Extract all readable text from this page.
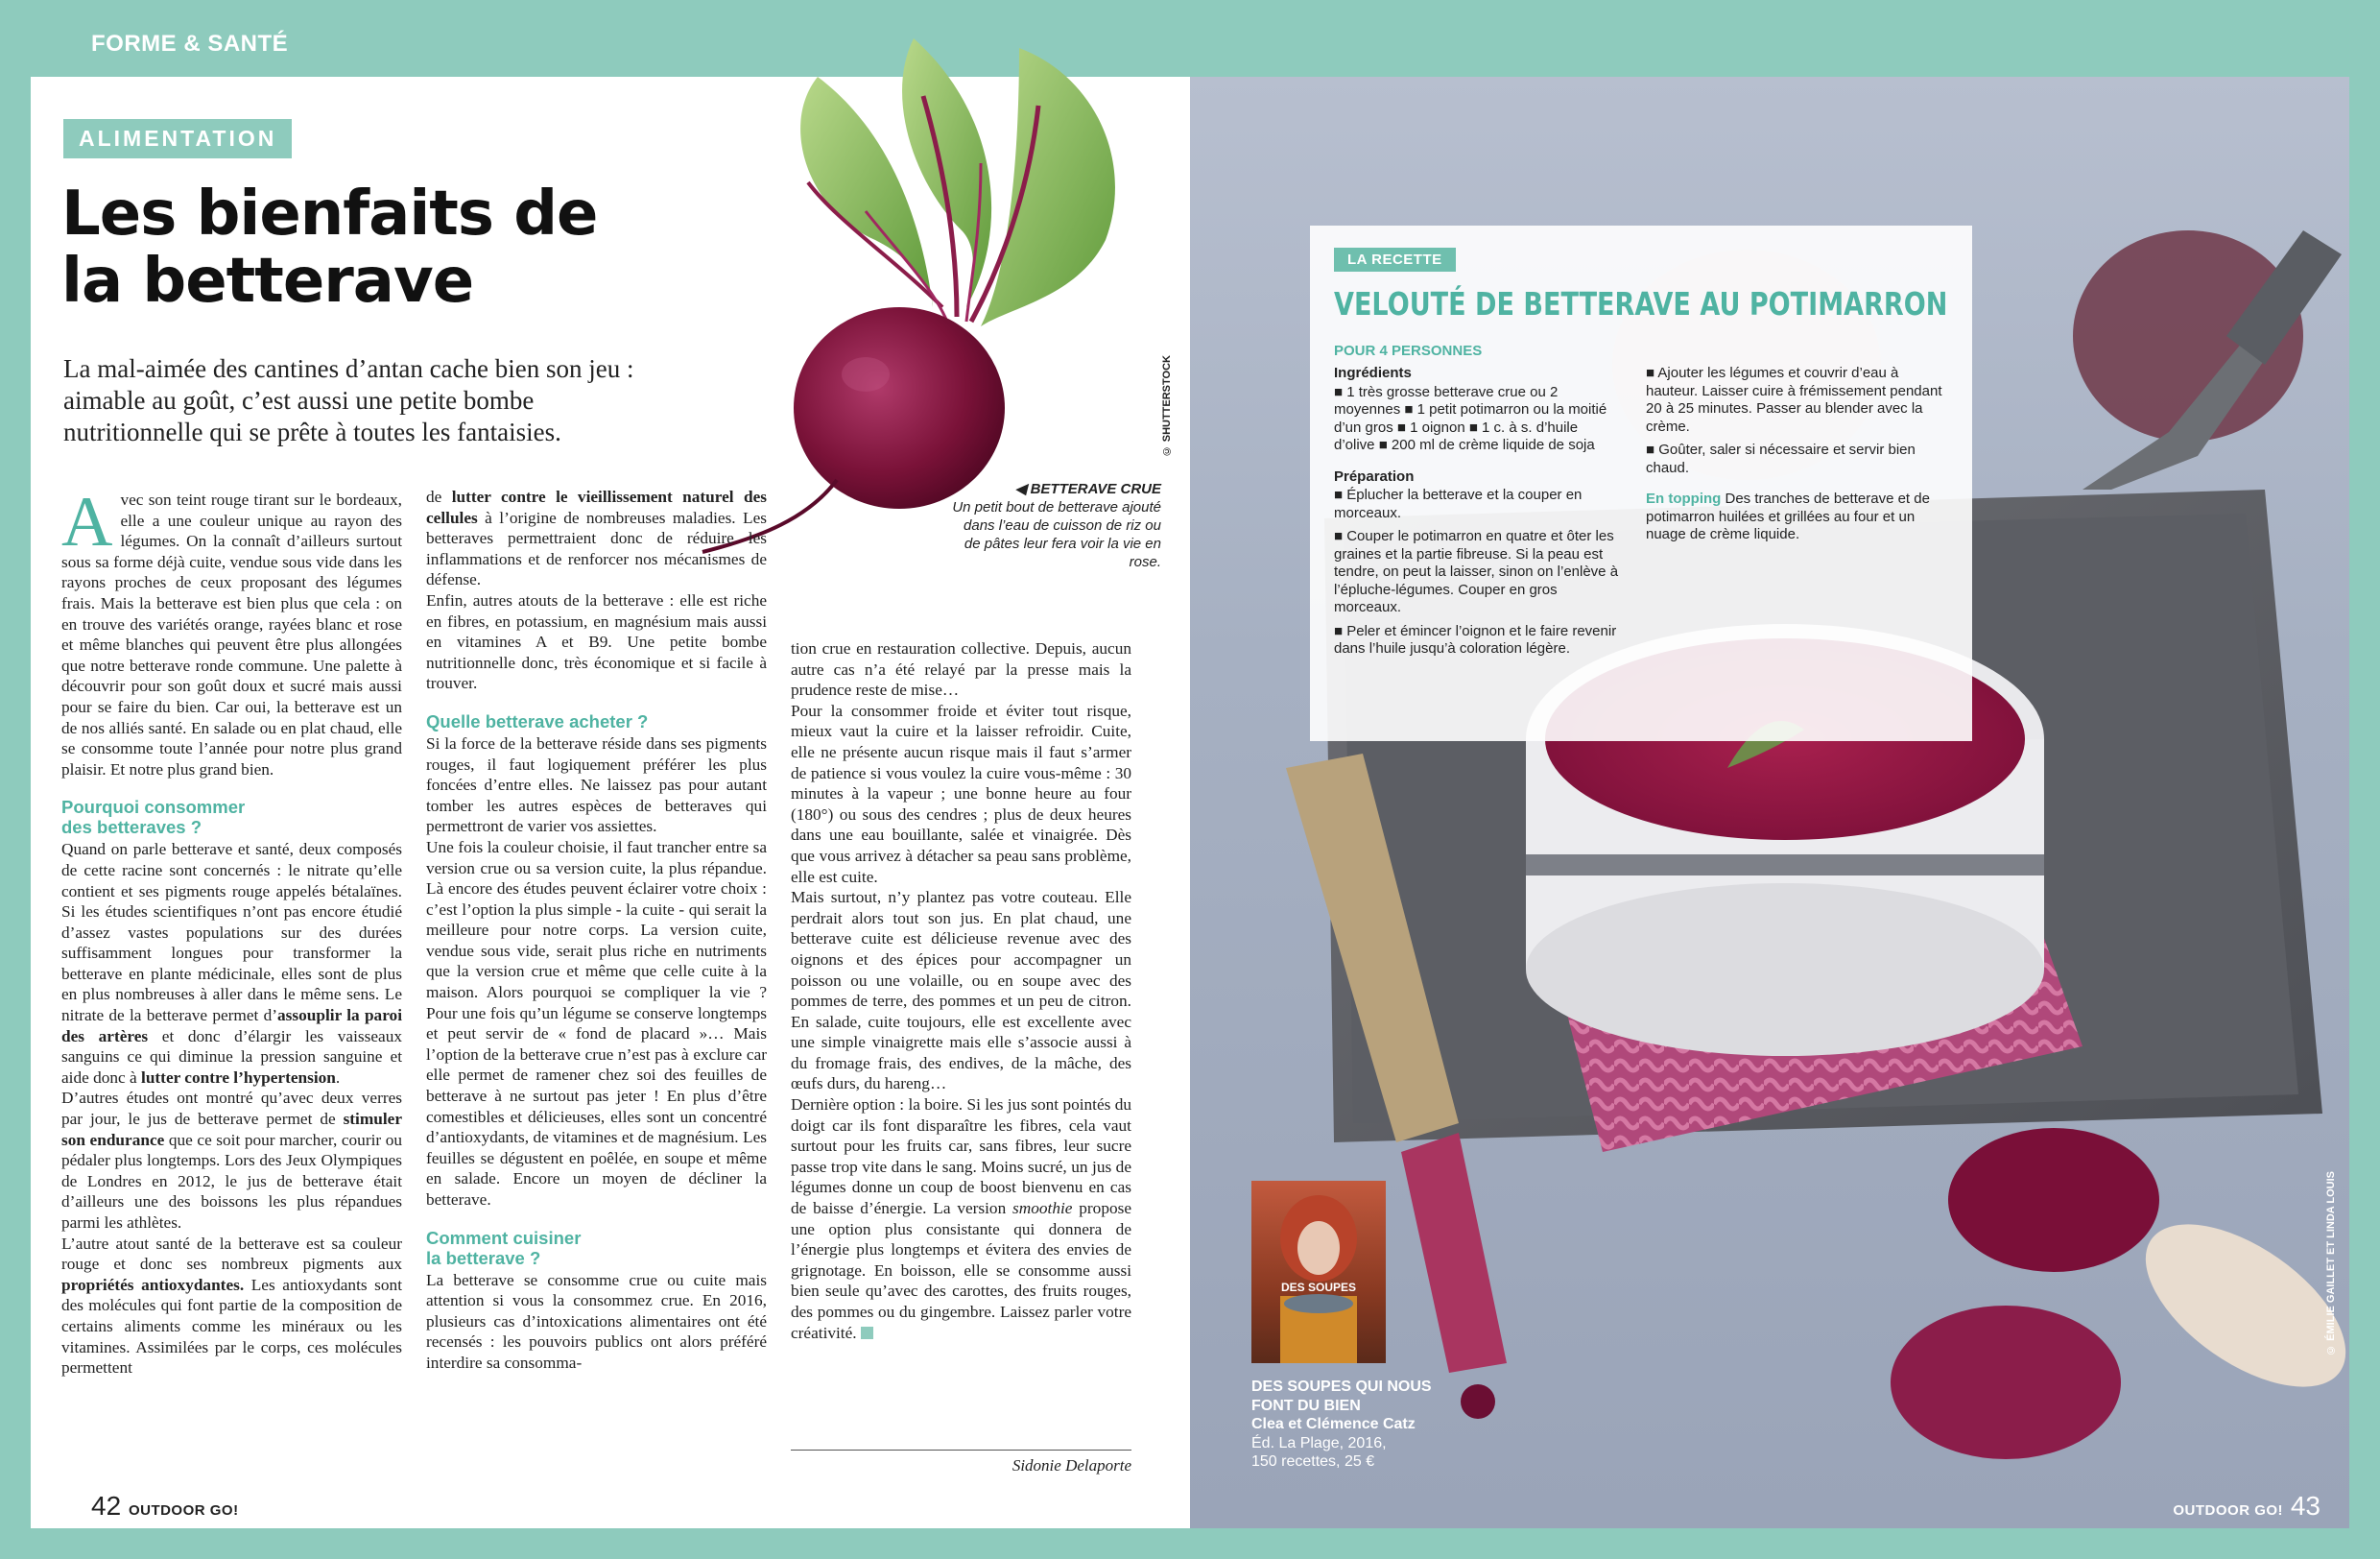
FORME & SANTÉ
ALIMENTATION
Les bienfaits de
la betterave

La mal-aimée des cantines d’antan cache bien son jeu : aimable au goût, c’est aussi une petite bombe nutritionnelle qui se prête à toutes les fantaisies.	© SHUTTERSTOCK
◀ BETTERAVE CRUE
Un petit bout de betterave ajouté dans l’eau de cuisson de riz ou de pâtes leur fera voir la vie en rose.

Avec son teint rouge tirant sur le bordeaux, elle a une couleur unique au rayon des légumes. On la connaît d’ailleurs surtout sous sa forme déjà cuite, vendue sous vide dans les rayons proches de ceux proposant des légumes frais. Mais la betterave est bien plus que cela : on en trouve des variétés orange, rayées blanc et rose et même blanches qui peuvent être plus allongées que notre betterave ronde commune. Une palette à découvrir pour son goût doux et sucré mais aussi pour se faire du bien. Car oui, la betterave est un de nos alliés santé. En salade ou en plat chaud, elle se consomme toute l’année pour notre plus grand plaisir. Et notre plus grand bien.

Pourquoi consommer
des betteraves ?

Quand on parle betterave et santé, deux composés de cette racine sont concernés : le nitrate qu’elle contient et ses pigments rouge appelés bétalaïnes. Si les études scientifiques n’ont pas encore étudié d’assez vastes populations sur des durées suffisamment longues pour transformer la betterave en plante médicinale, elles sont de plus en plus nombreuses à aller dans le même sens. Le nitrate de la betterave permet d’assouplir la paroi des artères et donc d’élargir les vaisseaux sanguins ce qui diminue la pression sanguine et aide donc à lutter contre l’hypertension.

D’autres études ont montré qu’avec deux verres par jour, le jus de betterave permet de stimuler son endurance que ce soit pour marcher, courir ou pédaler plus longtemps. Lors des Jeux Olympiques de Londres en 2012, le jus de betterave était d’ailleurs une des boissons les plus répandues parmi les athlètes.

L’autre atout santé de la betterave est sa couleur rouge et donc ses nombreux pigments aux propriétés antioxydantes. Les antioxydants sont des molécules qui font partie de la composition de certains aliments comme les minéraux ou les vitamines. Assimilées par le corps, ces molécules permettent

de lutter contre le vieillissement naturel des cellules à l’origine de nombreuses maladies. Les betteraves permettraient donc de réduire les inflammations et de renforcer nos mécanismes de défense.

Enfin, autres atouts de la betterave : elle est riche en fibres, en potassium, en magnésium mais aussi en vitamines A et B9. Une petite bombe nutritionnelle donc, très économique et si facile à trouver.

Quelle betterave acheter ?

Si la force de la betterave réside dans ses pigments rouges, il faut logiquement préférer les plus foncées d’entre elles. Ne laissez pas pour autant tomber les autres espèces de betteraves qui permettront de varier vos assiettes.

Une fois la couleur choisie, il faut trancher entre sa version crue ou sa version cuite, la plus répandue. Là encore des études peuvent éclairer votre choix : c’est l’option la plus simple - la cuite - qui serait la meilleure pour notre corps. La version cuite, vendue sous vide, serait plus riche en nutriments que la version crue et même que celle cuite à la maison. Alors pourquoi se compliquer la vie ? Pour une fois qu’un légume se conserve longtemps et peut servir de « fond de placard »… Mais l’option de la betterave crue n’est pas à exclure car elle permet de ramener chez soi des feuilles de betterave à ne surtout pas jeter ! En plus d’être comestibles et délicieuses, elles sont un concentré d’antioxydants, de vitamines et de magnésium. Les feuilles se dégustent en poêlée, en soupe et même en salade. Encore un moyen de décliner la betterave.

Comment cuisiner
la betterave ?

La betterave se consomme crue ou cuite mais attention si vous la consommez crue. En 2016, plusieurs cas d’intoxications alimentaires ont été recensés : les pouvoirs publics ont alors préféré interdire sa consomma-

tion crue en restauration collective. Depuis, aucun autre cas n’a été relayé par la presse mais la prudence reste de mise…

Pour la consommer froide et éviter tout risque, mieux vaut la cuire et la laisser refroidir. Cuite, elle ne présente aucun risque mais il faut s’armer de patience si vous voulez la cuire vous-même : 30 minutes à la vapeur ; une bonne heure au four (180°) ou sous des cendres ; plus de deux heures dans une eau bouillante, salée et vinaigrée. Dès que vous arrivez à détacher sa peau sans problème, elle est cuite.

Mais surtout, n’y plantez pas votre couteau. Elle perdrait alors tout son jus. En plat chaud, une betterave cuite est délicieuse revenue avec des oignons et des épices pour accompagner un poisson ou une volaille, ou en soupe avec des pommes de terre, des pommes et un peu de citron. En salade, cuite toujours, elle est excellente avec une simple vinaigrette mais elle s’associe aussi à du fromage frais, des endives, de la mâche, des œufs durs, du hareng…

Dernière option : la boire. Si les jus sont pointés du doigt car ils font disparaître les fibres, cela vaut surtout pour les fruits car, sans fibres, leur sucre passe trop vite dans le sang. Moins sucré, un jus de légumes donne un coup de boost bienvenu en cas de baisse d’énergie. La version smoothie propose une option plus consistante qui donnera de l’énergie plus longtemps et évitera des envies de grignotage. En boisson, elle se consomme aussi bien seule qu’avec des carottes, des fruits rouges, des pommes ou du gingembre. Laissez parler votre créativité.

Sidonie Delaporte
42 OUTDOOR GO!
LA RECETTE
VELOUTÉ DE BETTERAVE AU POTIMARRON
POUR 4 PERSONNES
Ingrédients

■ 1 très grosse betterave crue ou 2 moyennes ■ 1 petit potimarron ou la moitié d’un gros ■ 1 oignon ■ 1 c. à s. d’huile d’olive ■ 200 ml de crème liquide de soja

Préparation

■ Éplucher la betterave et la couper en morceaux.

■ Couper le potimarron en quatre et ôter les graines et la partie fibreuse. Si la peau est tendre, on peut la laisser, sinon on l’enlève à l’épluche-légumes. Couper en gros morceaux.

■ Peler et émincer l’oignon et le faire revenir dans l’huile jusqu’à coloration légère.

■ Ajouter les légumes et couvrir d’eau à hauteur. Laisser cuire à frémissement pendant 20 à 25 minutes. Passer au blender avec la crème.

■ Goûter, saler si nécessaire et servir bien chaud.

En topping Des tranches de betterave et de potimarron huilées et grillées au four et un nuage de crème liquide.

DES SOUPES
DES SOUPES QUI NOUS
FONT DU BIEN
Clea et Clémence Catz
Éd. La Plage, 2016,
150 recettes, 25 €
© ÉMILIE GAILLET ET LINDA LOUIS
OUTDOOR GO! 43
